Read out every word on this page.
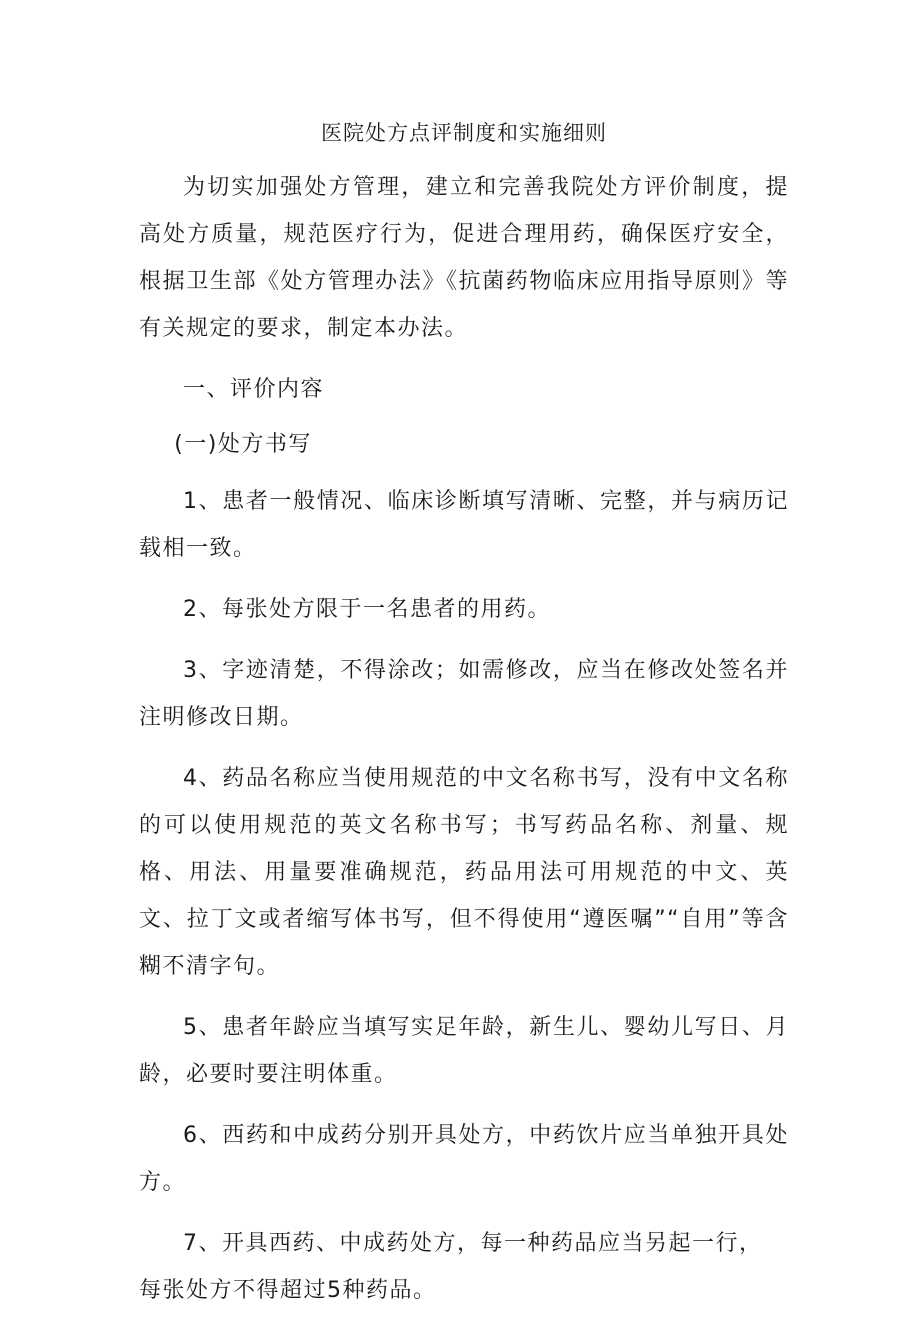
医院处方点评制度和实施细则

为切实加强处方管理，建立和完善我院处方评价制度，提高处方质量，规范医疗行为，促进合理用药，确保医疗安全，根据卫生部《处方管理办法》《抗菌药物临床应用指导原则》等有关规定的要求，制定本办法。

一、评价内容

(一)处方书写

1、患者一般情况、临床诊断填写清晰、完整，并与病历记载相一致。

2、每张处方限于一名患者的用药。

3、字迹清楚，不得涂改；如需修改，应当在修改处签名并注明修改日期。

4、药品名称应当使用规范的中文名称书写，没有中文名称的可以使用规范的英文名称书写；书写药品名称、剂量、规格、用法、用量要准确规范，药品用法可用规范的中文、英文、拉丁文或者缩写体书写，但不得使用“遵医嘱”“自用”等含糊不清字句。

5、患者年龄应当填写实足年龄，新生儿、婴幼儿写日、月龄，必要时要注明体重。

6、西药和中成药分别开具处方，中药饮片应当单独开具处方。

7、开具西药、中成药处方，每一种药品应当另起一行，
每张处方不得超过5种药品。
